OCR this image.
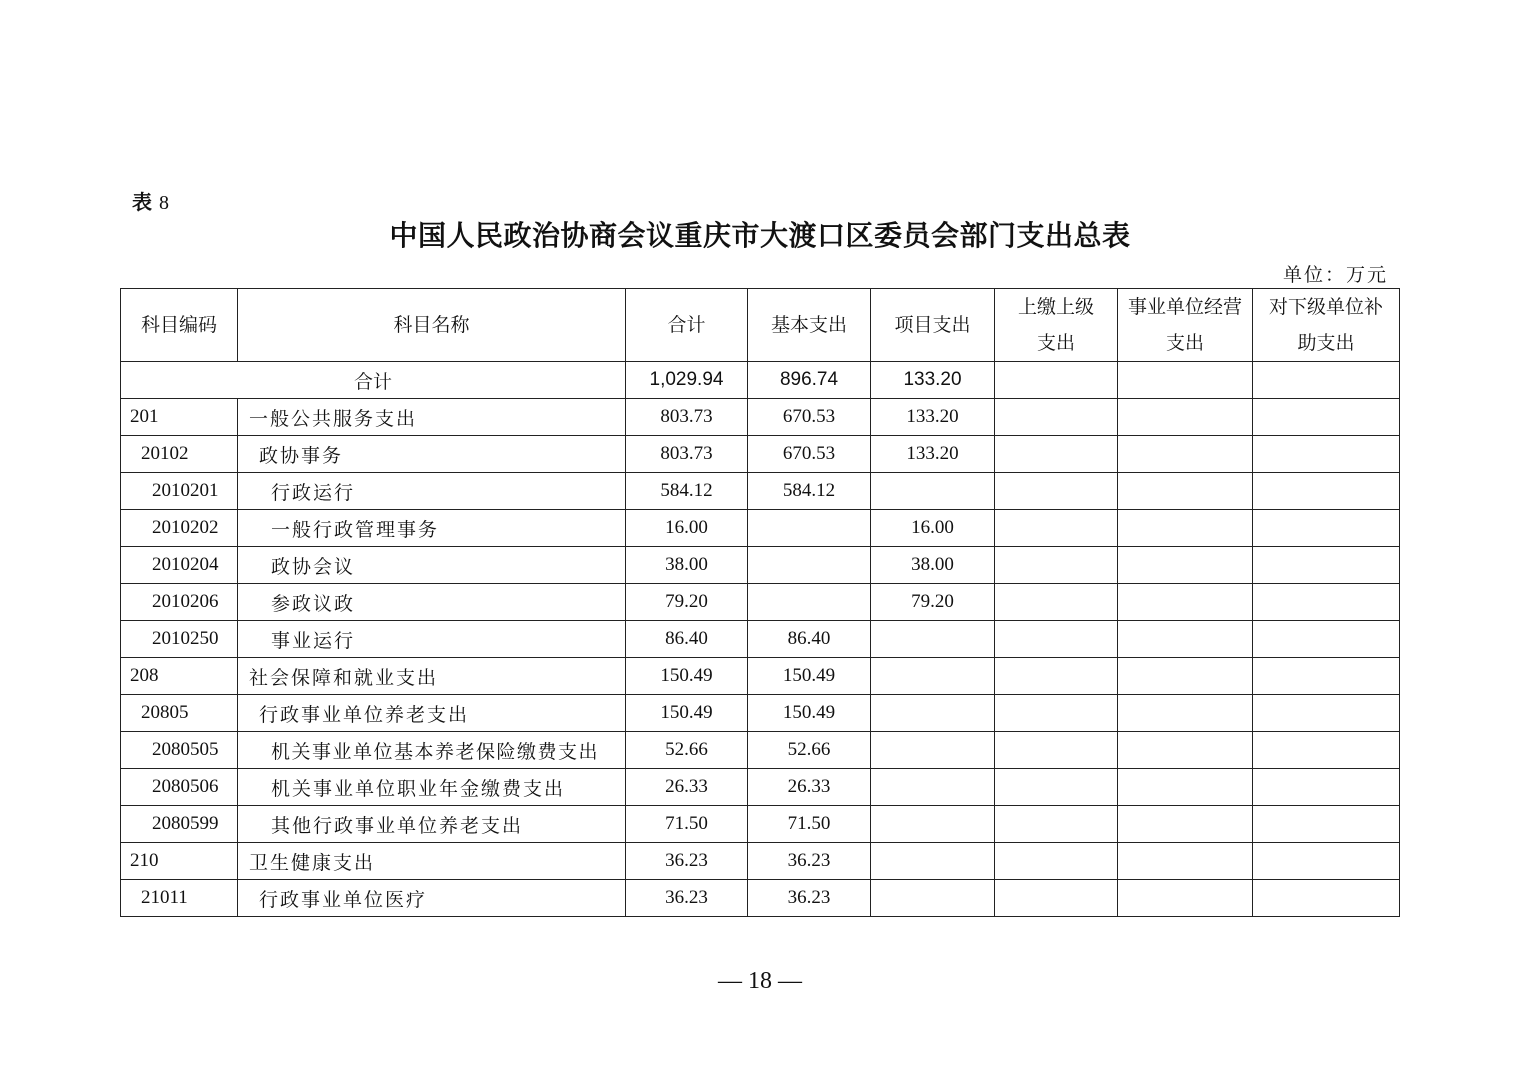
表 8
中国人民政治协商会议重庆市大渡口区委员会部门支出总表
单位：万元
科目编码	科目名称	合计	基本支出	项目支出	上缴上级支出	事业单位经营支出	对下级单位补助支出
合计		1,029.94	896.74	133.20			
201	一般公共服务支出	803.73	670.53	133.20			
20102	政协事务	803.73	670.53	133.20			
2010201	行政运行	584.12	584.12				
2010202	一般行政管理事务	16.00		16.00			
2010204	政协会议	38.00		38.00			
2010206	参政议政	79.20		79.20			
2010250	事业运行	86.40	86.40				
208	社会保障和就业支出	150.49	150.49				
20805	行政事业单位养老支出	150.49	150.49				
2080505	机关事业单位基本养老保险缴费支出	52.66	52.66				
2080506	机关事业单位职业年金缴费支出	26.33	26.33				
2080599	其他行政事业单位养老支出	71.50	71.50				
210	卫生健康支出	36.23	36.23				
21011	行政事业单位医疗	36.23	36.23				
— 18 —
